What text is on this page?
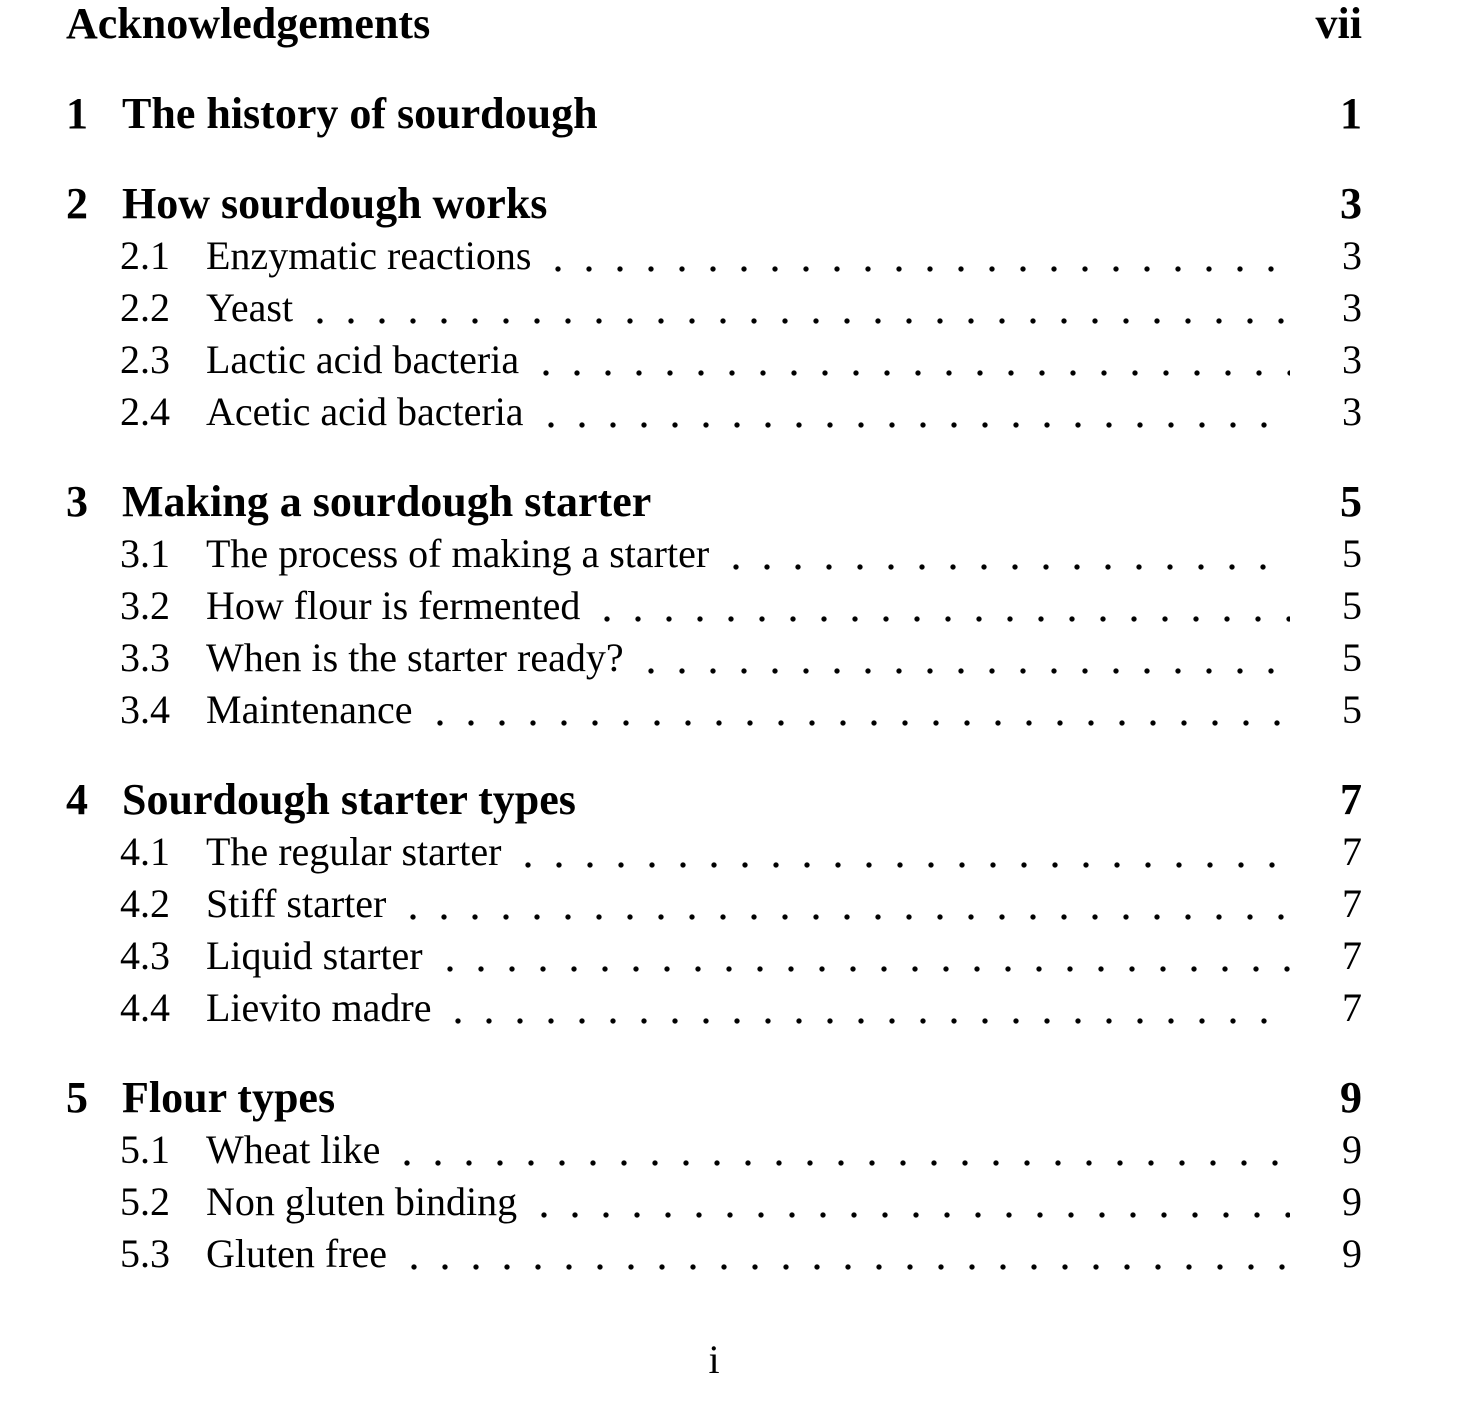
Acknowledgements	vii
1 The history of sourdough	1
2 How sourdough works	3
2.1 Enzymatic reactions	3
2.2 Yeast	3
2.3 Lactic acid bacteria	3
2.4 Acetic acid bacteria	3
3 Making a sourdough starter	5
3.1 The process of making a starter	5
3.2 How flour is fermented	5
3.3 When is the starter ready?	5
3.4 Maintenance	5
4 Sourdough starter types	7
4.1 The regular starter	7
4.2 Stiff starter	7
4.3 Liquid starter	7
4.4 Lievito madre	7
5 Flour types	9
5.1 Wheat like	9
5.2 Non gluten binding	9
5.3 Gluten free	9
i
